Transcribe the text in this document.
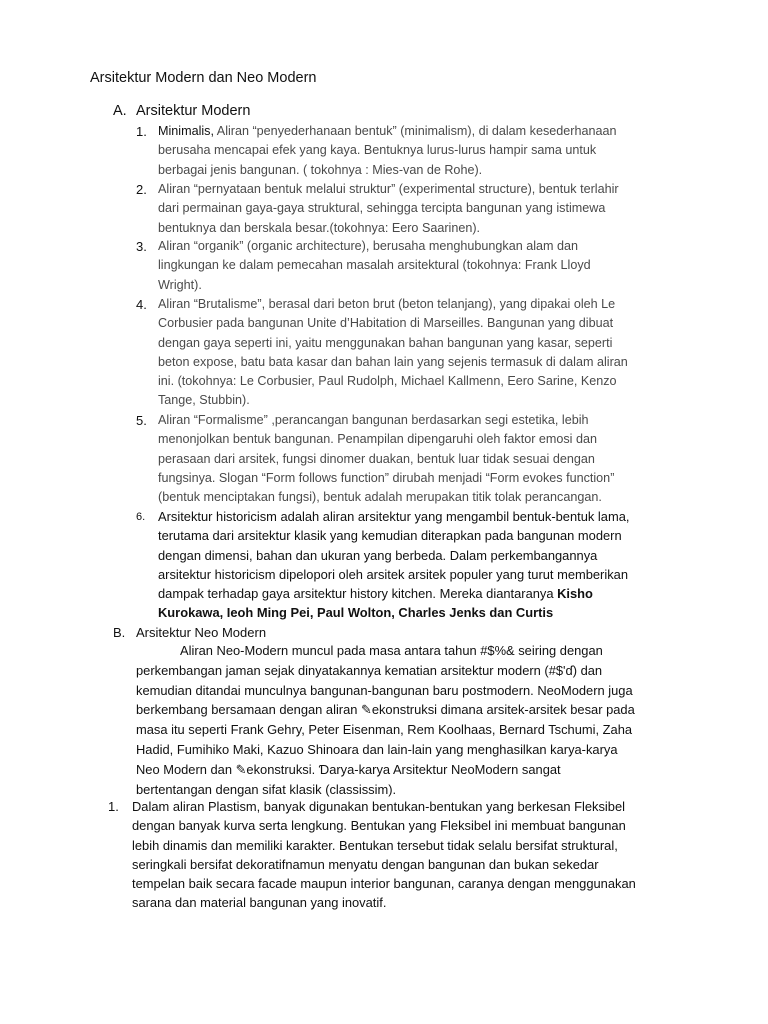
Arsitektur Modern dan Neo Modern
A. Arsitektur Modern
1. Minimalis, Aliran “penyederhanaan bentuk” (minimalism), di dalam kesederhanaan
berusaha mencapai efek yang kaya. Bentuknya lurus-lurus hampir sama untuk
berbagai jenis bangunan. ( tokohnya : Mies-van de Rohe).
2. Aliran “pernyataan bentuk melalui struktur” (experimental structure), bentuk terlahir
dari permainan gaya-gaya struktural, sehingga tercipta bangunan yang istimewa
bentuknya dan berskala besar.(tokohnya: Eero Saarinen).
3. Aliran “organik” (organic architecture), berusaha menghubungkan alam dan
lingkungan ke dalam pemecahan masalah arsitektural (tokohnya: Frank Lloyd
Wright).
4. Aliran “Brutalisme”, berasal dari beton brut (beton telanjang), yang dipakai oleh Le
Corbusier pada bangunan Unite d’Habitation di Marseilles. Bangunan yang dibuat
dengan gaya seperti ini, yaitu menggunakan bahan bangunan yang kasar, seperti
beton expose, batu bata kasar dan bahan lain yang sejenis termasuk di dalam aliran
ini. (tokohnya: Le Corbusier, Paul Rudolph, Michael Kallmenn, Eero Sarine, Kenzo
Tange, Stubbin).
5. Aliran “Formalisme” ,perancangan bangunan berdasarkan segi estetika, lebih
menonjolkan bentuk bangunan. Penampilan dipengaruhi oleh faktor emosi dan
perasaan dari arsitek, fungsi dinomer duakan, bentuk luar tidak sesuai dengan
fungsinya. Slogan “Form follows function” dirubah menjadi “Form evokes function”
(bentuk menciptakan fungsi), bentuk adalah merupakan titik tolak perancangan.
6. Arsitektur historicism adalah aliran arsitektur yang mengambil bentuk-bentuk lama,
terutama dari arsitektur klasik yang kemudian diterapkan pada bangunan modern
dengan dimensi, bahan dan ukuran yang berbeda. Dalam perkembangannya
arsitektur historicism dipelopori oleh arsitek arsitek populer yang turut memberikan
dampak terhadap gaya arsitektur history kitchen. Mereka diantaranya Kisho
Kurokawa, Ieoh Ming Pei, Paul Wolton, Charles Jenks dan Curtis
B. Arsitektur Neo Modern
Aliran Neo-Modern muncul pada masa antara tahun #$%& seiring dengan
perkembangan jaman sejak dinyatakannya kematian arsitektur modern (#$'ɗ) dan
kemudian ditandai munculnya bangunan-bangunan baru postmodern. NeoModern juga
berkembang bersamaan dengan aliran ✎ekonstruksi dimana arsitek-arsitek besar pada
masa itu seperti Frank Gehry, Peter Eisenman, Rem Koolhaas, Bernard Tschumi, Zaha
Hadid, Fumihiko Maki, Kazuo Shinoara dan lain-lain yang menghasilkan karya-karya
Neo Modern dan ✎ekonstruksi. Ɗarya-karya Arsitektur NeoModern sangat
bertentangan dengan sifat klasik (classissim).
1. Dalam aliran Plastism, banyak digunakan bentukan-bentukan yang berkesan Fleksibel
dengan banyak kurva serta lengkung. Bentukan yang Fleksibel ini membuat bangunan
lebih dinamis dan memiliki karakter. Bentukan tersebut tidak selalu bersifat struktural,
seringkali bersifat dekoratifnamun menyatu dengan bangunan dan bukan sekedar
tempelan baik secara facade maupun interior bangunan, caranya dengan menggunakan
sarana dan material bangunan yang inovatif.
